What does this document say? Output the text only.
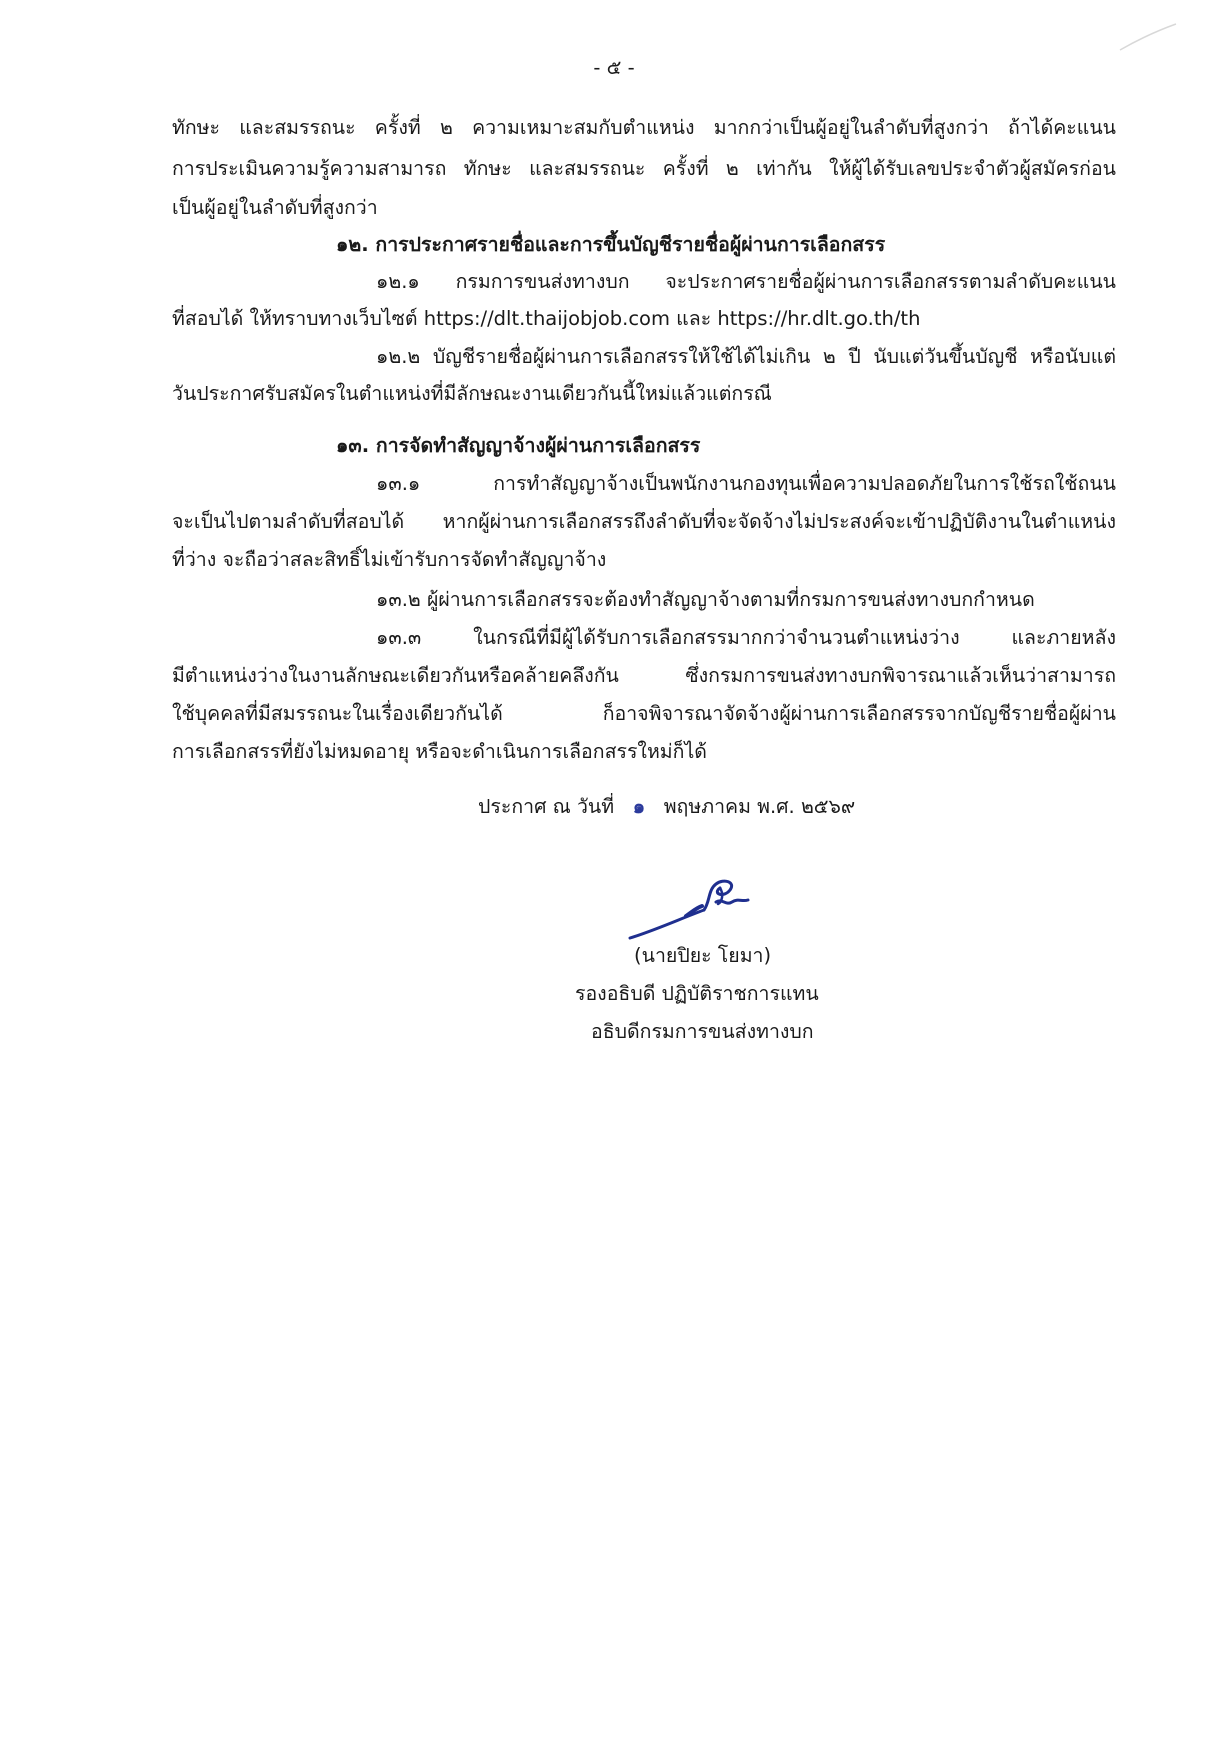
- ๕ -
ทักษะ และสมรรถนะ ครั้งที่ ๒ ความเหมาะสมกับตำแหน่ง มากกว่าเป็นผู้อยู่ในลำดับที่สูงกว่า ถ้าได้คะแนน
การประเมินความรู้ความสามารถ ทักษะ และสมรรถนะ ครั้งที่ ๒ เท่ากัน ให้ผู้ได้รับเลขประจำตัวผู้สมัครก่อน
เป็นผู้อยู่ในลำดับที่สูงกว่า
๑๒. การประกาศรายชื่อและการขึ้นบัญชีรายชื่อผู้ผ่านการเลือกสรร
๑๒.๑ กรมการขนส่งทางบก จะประกาศรายชื่อผู้ผ่านการเลือกสรรตามลำดับคะแนน
ที่สอบได้ ให้ทราบทางเว็บไซต์ https://dlt.thaijobjob.com และ https://hr.dlt.go.th/th
๑๒.๒ บัญชีรายชื่อผู้ผ่านการเลือกสรรให้ใช้ได้ไม่เกิน ๒ ปี นับแต่วันขึ้นบัญชี หรือนับแต่
วันประกาศรับสมัครในตำแหน่งที่มีลักษณะงานเดียวกันนี้ใหม่แล้วแต่กรณี
๑๓. การจัดทำสัญญาจ้างผู้ผ่านการเลือกสรร
๑๓.๑ การทำสัญญาจ้างเป็นพนักงานกองทุนเพื่อความปลอดภัยในการใช้รถใช้ถนน
จะเป็นไปตามลำดับที่สอบได้ หากผู้ผ่านการเลือกสรรถึงลำดับที่จะจัดจ้างไม่ประสงค์จะเข้าปฏิบัติงานในตำแหน่ง
ที่ว่าง จะถือว่าสละสิทธิ์ไม่เข้ารับการจัดทำสัญญาจ้าง
๑๓.๒ ผู้ผ่านการเลือกสรรจะต้องทำสัญญาจ้างตามที่กรมการขนส่งทางบกกำหนด
๑๓.๓ ในกรณีที่มีผู้ได้รับการเลือกสรรมากกว่าจำนวนตำแหน่งว่าง และภายหลัง
มีตำแหน่งว่างในงานลักษณะเดียวกันหรือคล้ายคลึงกัน ซึ่งกรมการขนส่งทางบกพิจารณาแล้วเห็นว่าสามารถ
ใช้บุคคลที่มีสมรรถนะในเรื่องเดียวกันได้ ก็อาจพิจารณาจัดจ้างผู้ผ่านการเลือกสรรจากบัญชีรายชื่อผู้ผ่าน
การเลือกสรรที่ยังไม่หมดอายุ หรือจะดำเนินการเลือกสรรใหม่ก็ได้
ประกาศ ณ วันที่ ๑ พฤษภาคม พ.ศ. ๒๕๖๙
(นายปิยะ โยมา)
รองอธิบดี ปฏิบัติราชการแทน
อธิบดีกรมการขนส่งทางบก
